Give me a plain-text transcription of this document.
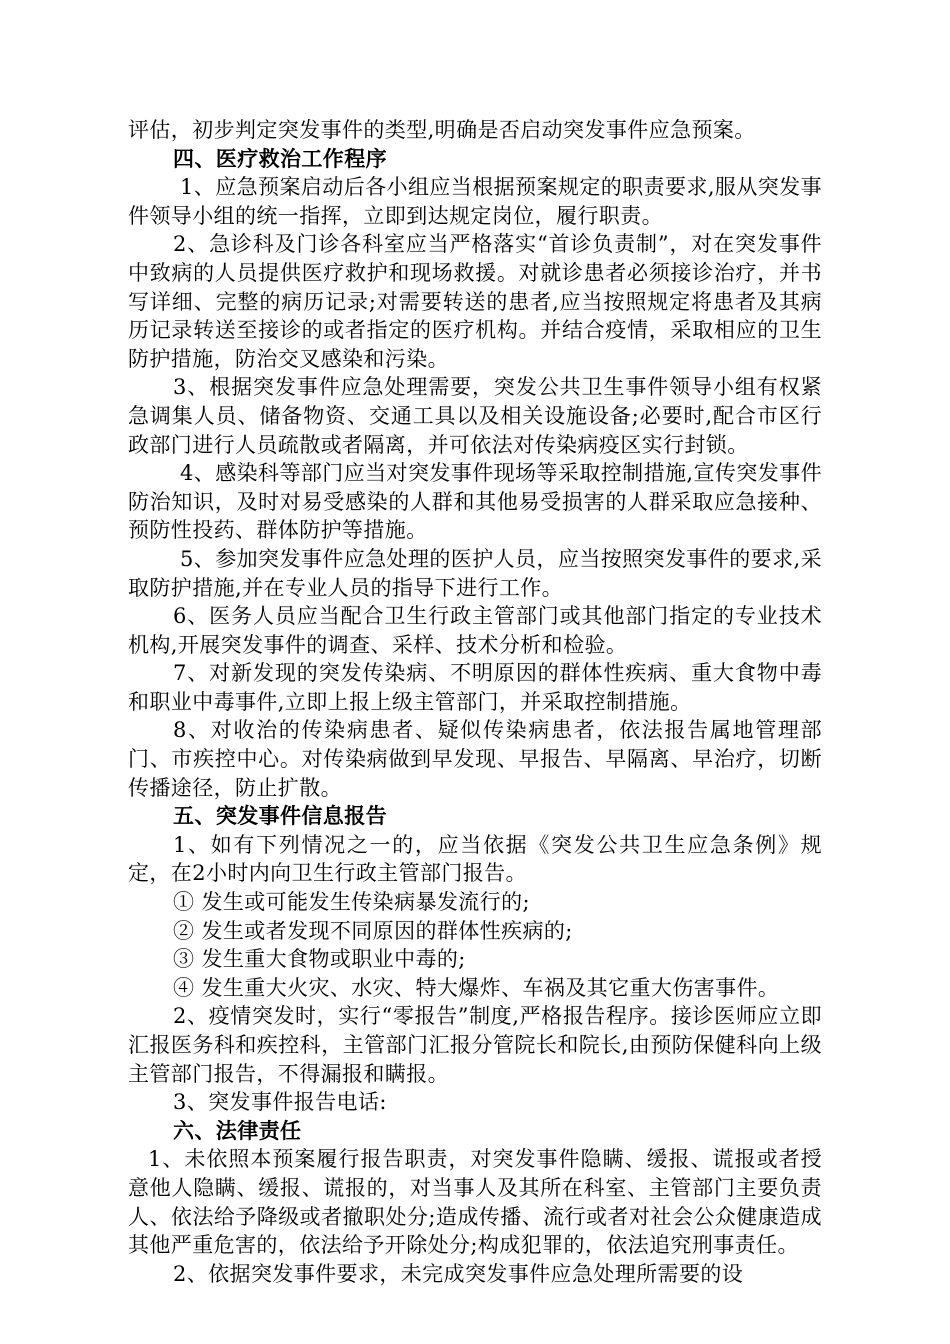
评估，初步判定突发事件的类型,明确是否启动突发事件应急预案。

四、医疗救治工作程序

1、应急预案启动后各小组应当根据预案规定的职责要求,服从突发事件领导小组的统一指挥，立即到达规定岗位，履行职责。

2、急诊科及门诊各科室应当严格落实“首诊负责制”，对在突发事件中致病的人员提供医疗救护和现场救援。对就诊患者必须接诊治疗，并书写详细、完整的病历记录;对需要转送的患者,应当按照规定将患者及其病历记录转送至接诊的或者指定的医疗机构。并结合疫情，采取相应的卫生防护措施，防治交叉感染和污染。

3、根据突发事件应急处理需要，突发公共卫生事件领导小组有权紧急调集人员、储备物资、交通工具以及相关设施设备;必要时,配合市区行政部门进行人员疏散或者隔离，并可依法对传染病疫区实行封锁。

4、感染科等部门应当对突发事件现场等采取控制措施,宣传突发事件防治知识，及时对易受感染的人群和其他易受损害的人群采取应急接种、预防性投药、群体防护等措施。

5、参加突发事件应急处理的医护人员，应当按照突发事件的要求,采取防护措施,并在专业人员的指导下进行工作。

6、医务人员应当配合卫生行政主管部门或其他部门指定的专业技术机构,开展突发事件的调查、采样、技术分析和检验。

7、对新发现的突发传染病、不明原因的群体性疾病、重大食物中毒和职业中毒事件,立即上报上级主管部门，并采取控制措施。

8、对收治的传染病患者、疑似传染病患者，依法报告属地管理部门、市疾控中心。对传染病做到早发现、早报告、早隔离、早治疗，切断传播途径，防止扩散。

五、突发事件信息报告

1、如有下列情况之一的，应当依据《突发公共卫生应急条例》规定，在2小时内向卫生行政主管部门报告。

① 发生或可能发生传染病暴发流行的;

② 发生或者发现不同原因的群体性疾病的;

③ 发生重大食物或职业中毒的;

④ 发生重大火灾、水灾、特大爆炸、车祸及其它重大伤害事件。

2、疫情突发时，实行“零报告”制度,严格报告程序。接诊医师应立即汇报医务科和疾控科，主管部门汇报分管院长和院长,由预防保健科向上级主管部门报告，不得漏报和瞒报。

3、突发事件报告电话:

六、法律责任

1、未依照本预案履行报告职责，对突发事件隐瞒、缓报、谎报或者授意他人隐瞒、缓报、谎报的，对当事人及其所在科室、主管部门主要负责人、依法给予降级或者撤职处分;造成传播、流行或者对社会公众健康造成其他严重危害的，依法给予开除处分;构成犯罪的，依法追究刑事责任。

2、依据突发事件要求，未完成突发事件应急处理所需要的设
